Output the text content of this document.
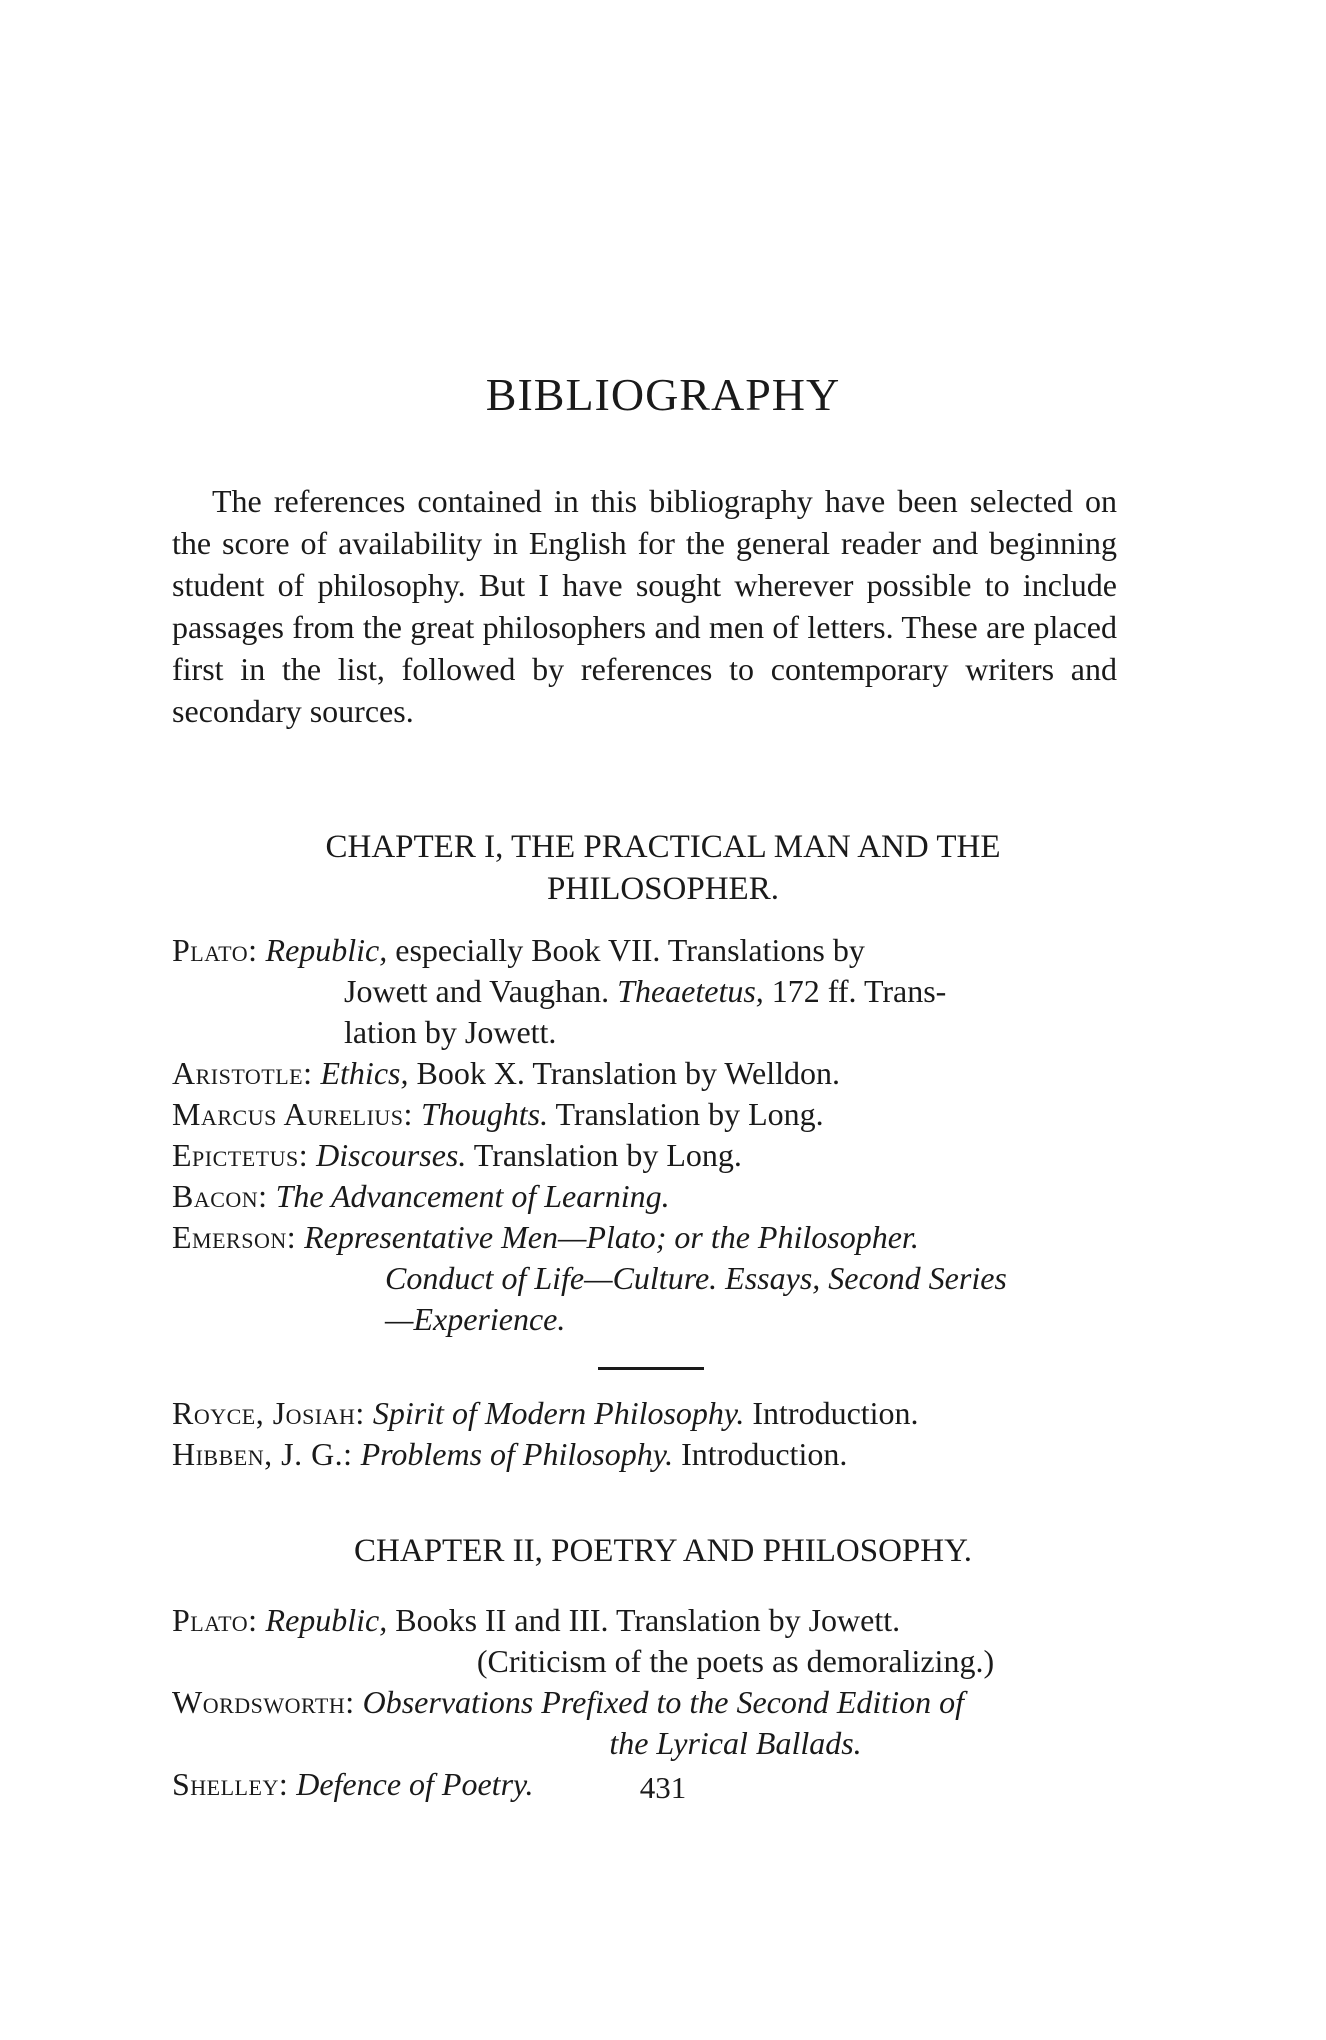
BIBLIOGRAPHY
The references contained in this bibliography have been selected on the score of availability in English for the general reader and beginning student of philosophy. But I have sought wherever possible to include passages from the great philosophers and men of letters. These are placed first in the list, followed by references to contemporary writers and secondary sources.
CHAPTER I, THE PRACTICAL MAN AND THE
PHILOSOPHER.
Plato: Republic, especially Book VII. Translations by
Jowett and Vaughan. Theaetetus, 172 ff. Trans-
lation by Jowett.
Aristotle: Ethics, Book X. Translation by Welldon.
Marcus Aurelius: Thoughts. Translation by Long.
Epictetus: Discourses. Translation by Long.
Bacon: The Advancement of Learning.
Emerson: Representative Men—Plato; or the Philosopher.
Conduct of Life—Culture. Essays, Second Series
—Experience.
Royce, Josiah: Spirit of Modern Philosophy. Introduction.
Hibben, J. G.: Problems of Philosophy. Introduction.
CHAPTER II, POETRY AND PHILOSOPHY.
Plato: Republic, Books II and III. Translation by Jowett.
(Criticism of the poets as demoralizing.)
Wordsworth: Observations Prefixed to the Second Edition of
the Lyrical Ballads.
Shelley: Defence of Poetry.	431
